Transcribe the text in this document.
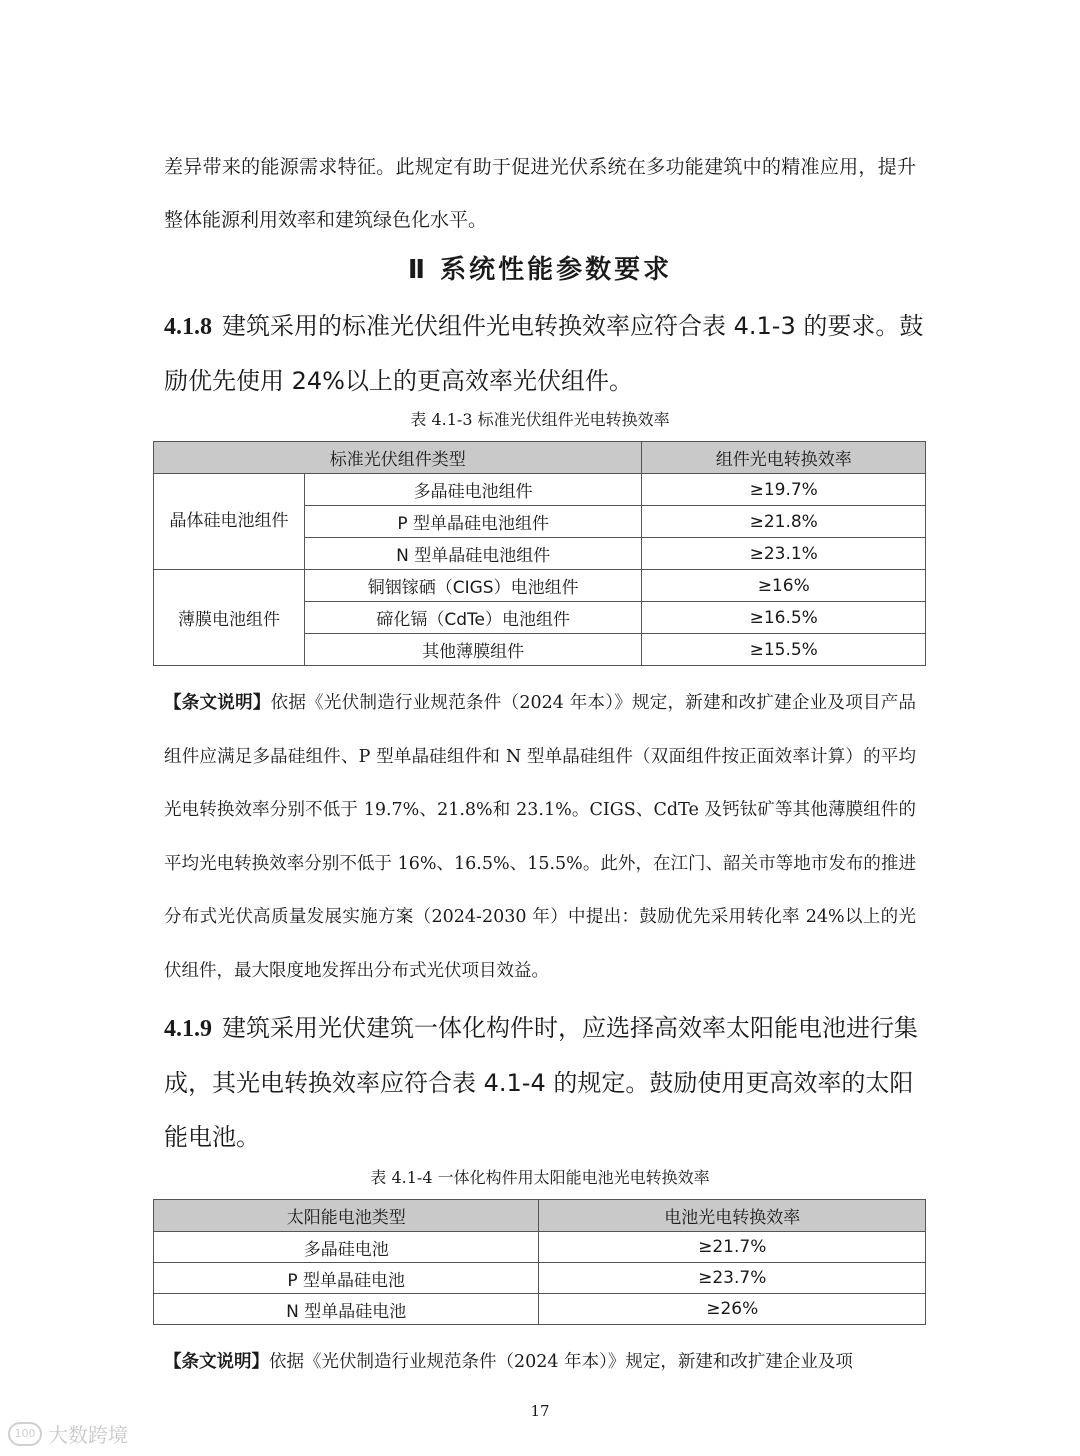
差异带来的能源需求特征。此规定有助于促进光伏系统在多功能建筑中的精准应用，提升整体能源利用效率和建筑绿色化水平。
Ⅱ 系统性能参数要求
4.1.8 建筑采用的标准光伏组件光电转换效率应符合表 4.1-3 的要求。鼓励优先使用 24%以上的更高效率光伏组件。
表 4.1-3 标准光伏组件光电转换效率
标准光伏组件类型		组件光电转换效率

晶体硅电池组件	多晶硅电池组件	≥19.7%
	P 型单晶硅电池组件	≥21.8%
	N 型单晶硅电池组件	≥23.1%
薄膜电池组件	铜铟镓硒（CIGS）电池组件	≥16%
	碲化镉（CdTe）电池组件	≥16.5%
	其他薄膜组件	≥15.5%
【条文说明】依据《光伏制造行业规范条件（2024 年本）》规定，新建和改扩建企业及项目产品组件应满足多晶硅组件、P 型单晶硅组件和 N 型单晶硅组件（双面组件按正面效率计算）的平均光电转换效率分别不低于 19.7%、21.8%和 23.1%。CIGS、CdTe 及钙钛矿等其他薄膜组件的平均光电转换效率分别不低于 16%、16.5%、15.5%。此外，在江门、韶关市等地市发布的推进分布式光伏高质量发展实施方案（2024-2030 年）中提出：鼓励优先采用转化率 24%以上的光伏组件，最大限度地发挥出分布式光伏项目效益。
4.1.9 建筑采用光伏建筑一体化构件时，应选择高效率太阳能电池进行集成，其光电转换效率应符合表 4.1-4 的规定。鼓励使用更高效率的太阳能电池。
表 4.1-4 一体化构件用太阳能电池光电转换效率
太阳能电池类型	电池光电转换效率
多晶硅电池	≥21.7%
P 型单晶硅电池	≥23.7%
N 型单晶硅电池	≥26%
【条文说明】依据《光伏制造行业规范条件（2024 年本）》规定，新建和改扩建企业及项
17
100 大数跨境
